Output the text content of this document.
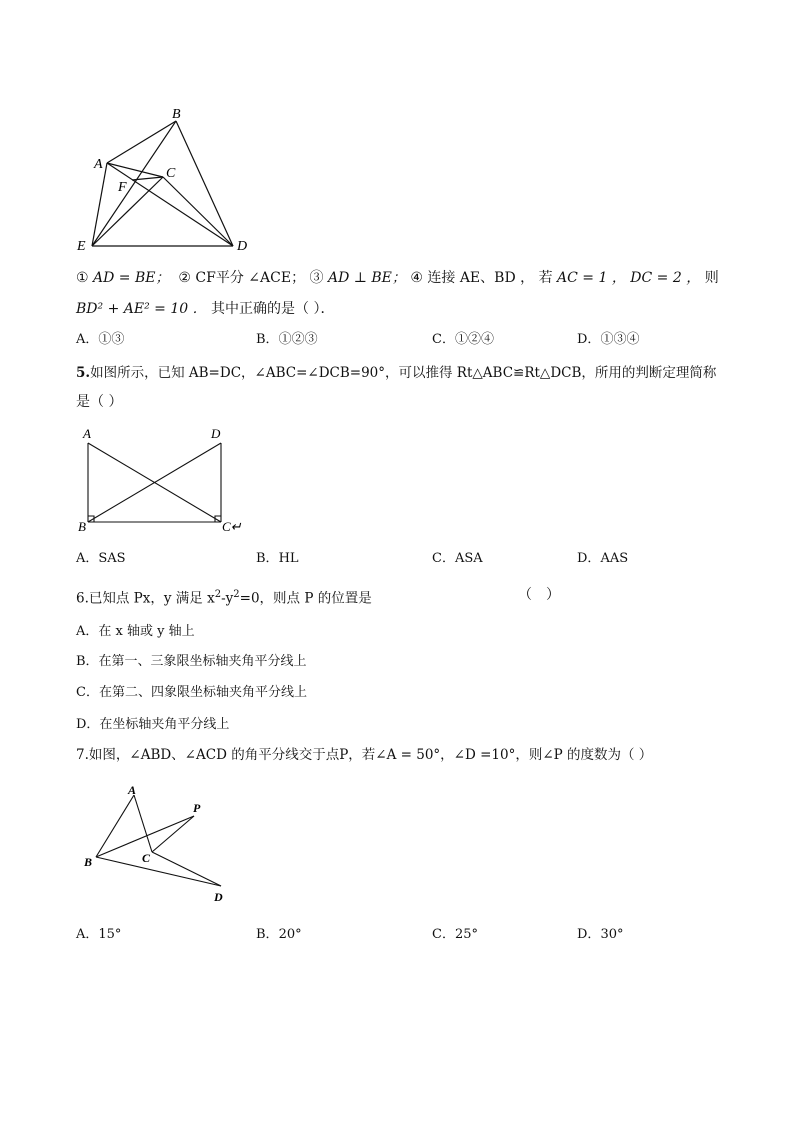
B
A
C
F
E	D
① AD = BE； ② CF平分 ∠ACE； ③ AD ⊥ BE； ④ 连接 AE、BD ， 若 AC = 1 ， DC = 2 ， 则
BD² + AE² = 10 ． 其中正确的是（ ）．
A．①③	B．①②③	C．①②④	D．①③④
5.如图所示，已知 AB=DC，∠ABC=∠DCB=90°，可以推得 Rt△ABC≌Rt△DCB，所用的判断定理简称
是（ ）
A	D
B	C↵
A．SAS	B．HL	C．ASA	D．AAS
6.已知点 Px，y 满足 $x^2-y^2=0$，则点 P 的位置是	（　）
A．在 x 轴或 y 轴上
B．在第一、三象限坐标轴夹角平分线上
C．在第二、四象限坐标轴夹角平分线上
D．在坐标轴夹角平分线上
7.如图，∠ABD、∠ACD 的角平分线交于点P，若∠A = 50°，∠D =10°，则∠P 的度数为（ ）
A
P
B	C
D
A．15°	B．20°	C．25°	D．30°
